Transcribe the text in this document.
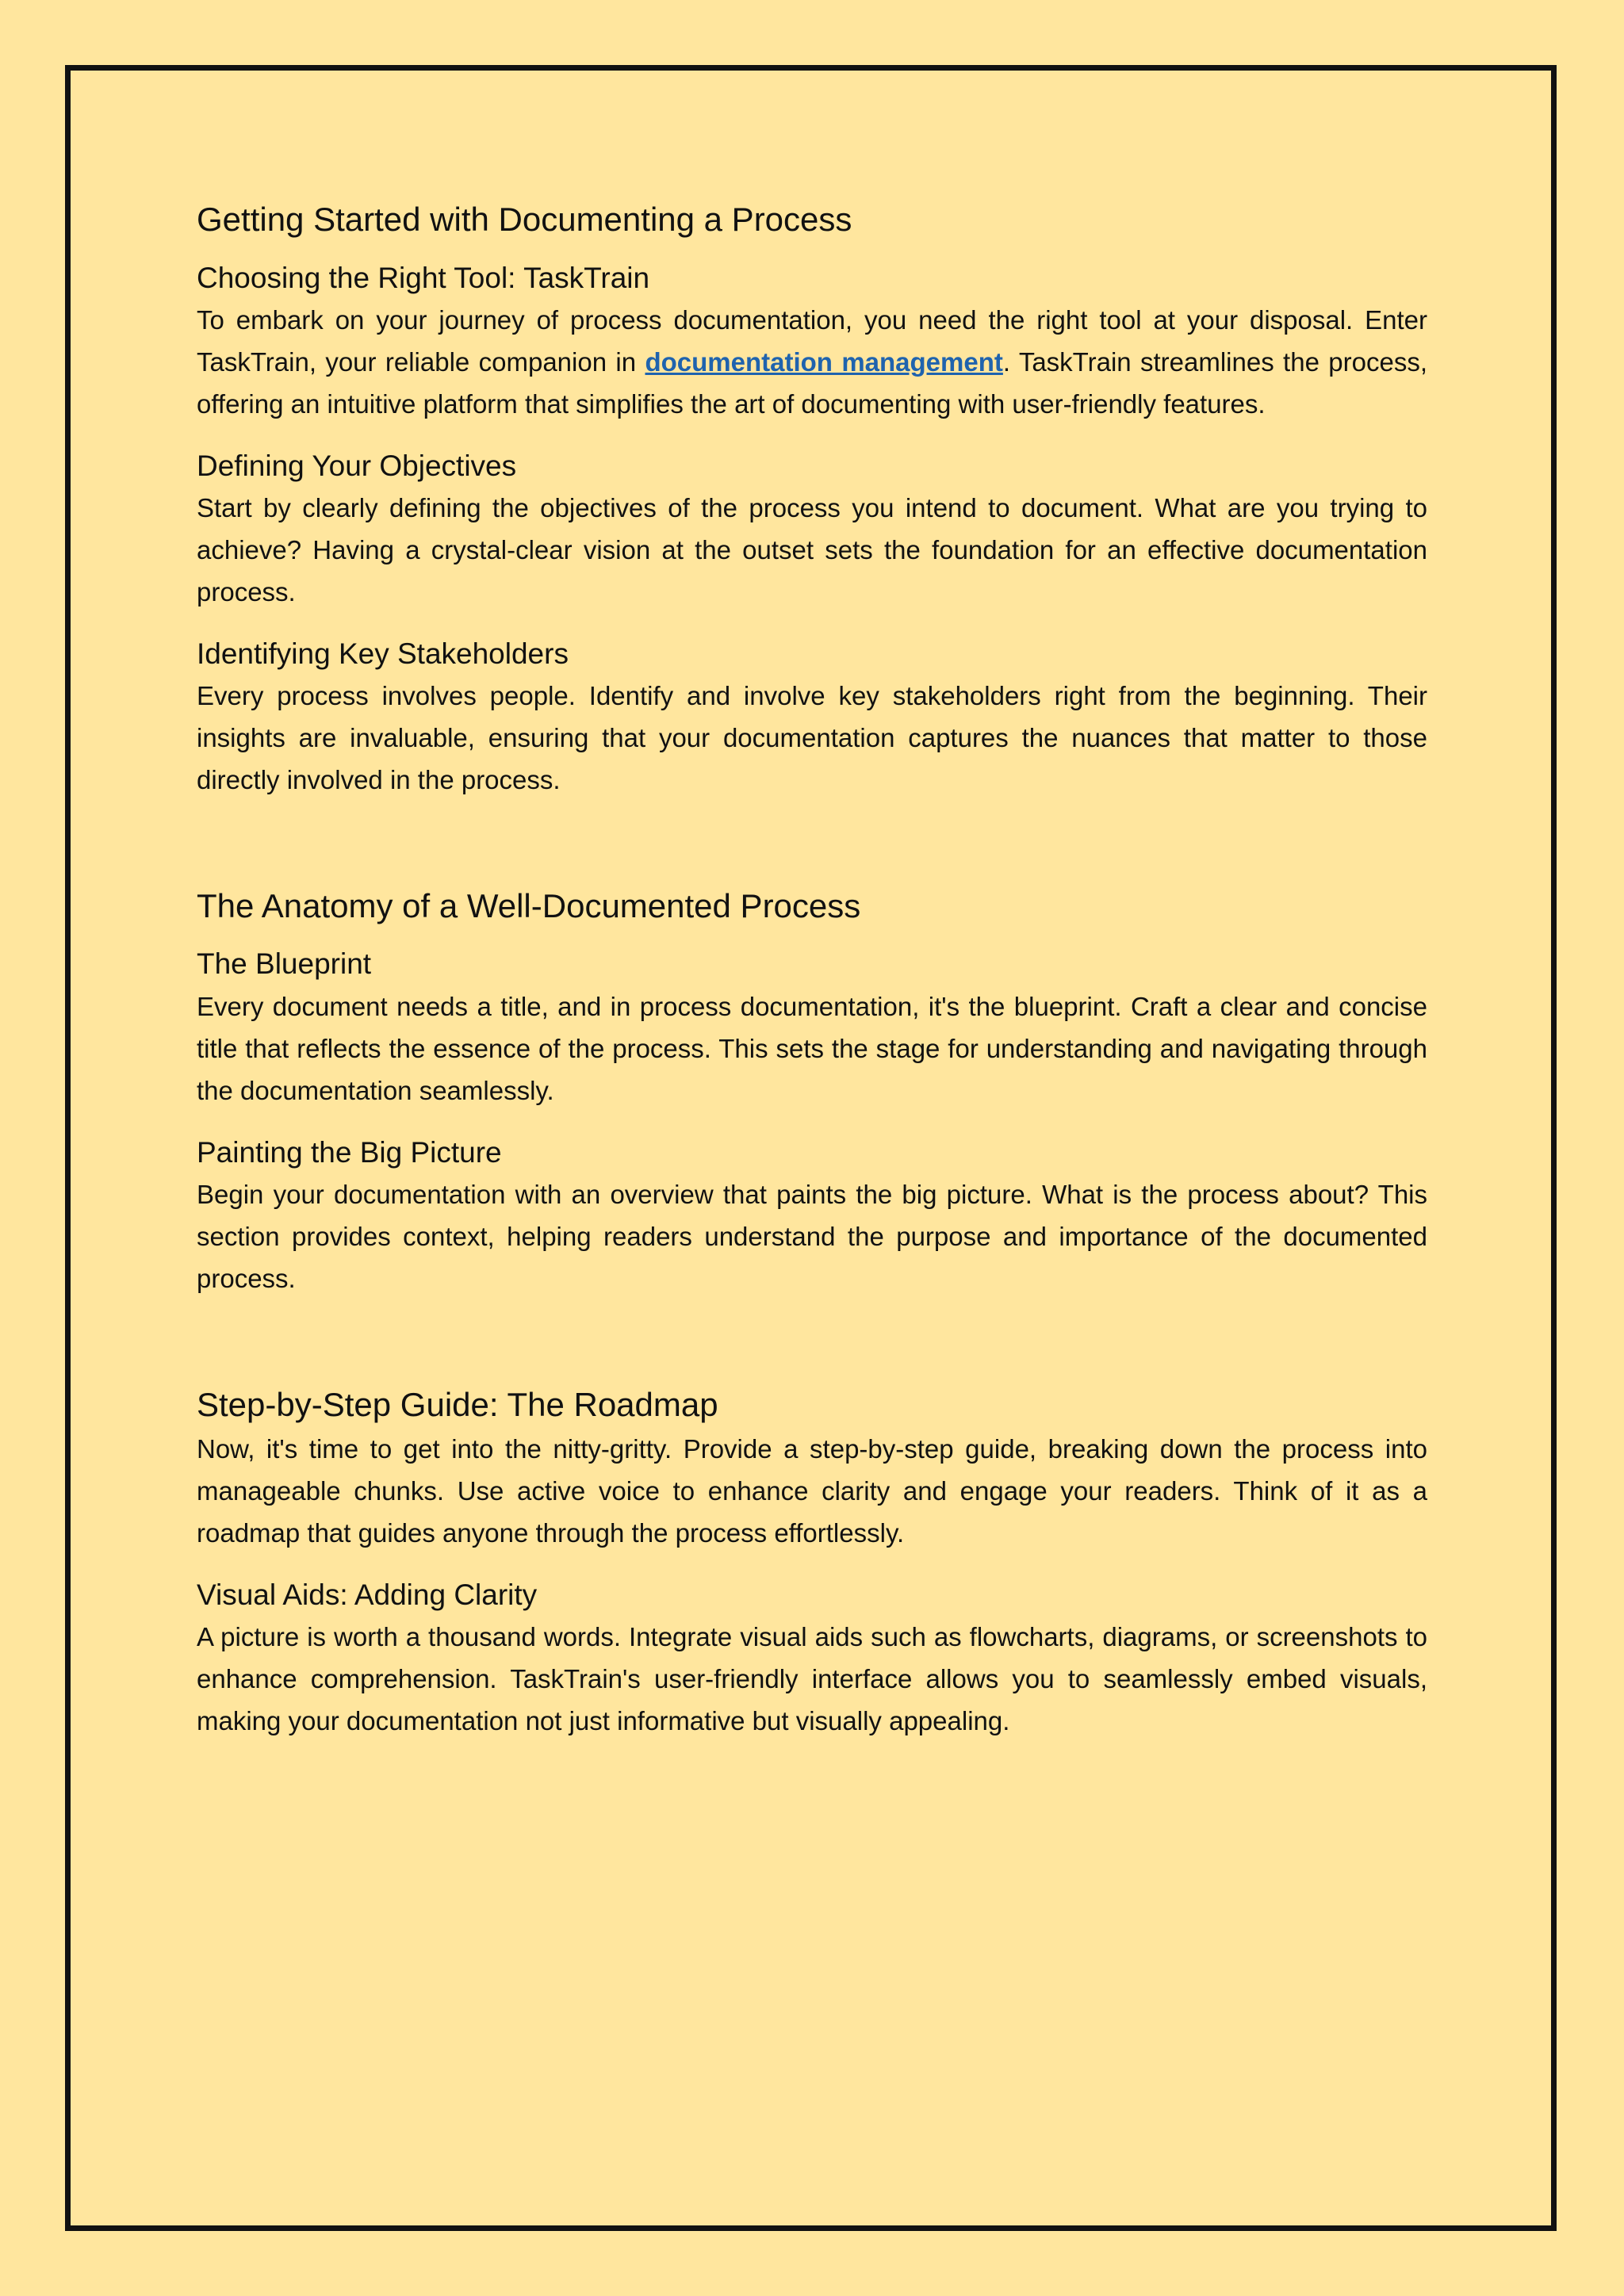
Getting Started with Documenting a Process
Choosing the Right Tool: TaskTrain

To embark on your journey of process documentation, you need the right tool at your disposal. Enter TaskTrain, your reliable companion in documentation management. TaskTrain streamlines the process, offering an intuitive platform that simplifies the art of documenting with user-friendly features.

Defining Your Objectives

Start by clearly defining the objectives of the process you intend to document. What are you trying to achieve? Having a crystal-clear vision at the outset sets the foundation for an effective documentation process.

Identifying Key Stakeholders

Every process involves people. Identify and involve key stakeholders right from the beginning. Their insights are invaluable, ensuring that your documentation captures the nuances that matter to those directly involved in the process.

The Anatomy of a Well-Documented Process
The Blueprint

Every document needs a title, and in process documentation, it's the blueprint. Craft a clear and concise title that reflects the essence of the process. This sets the stage for understanding and navigating through the documentation seamlessly.

Painting the Big Picture

Begin your documentation with an overview that paints the big picture. What is the process about? This section provides context, helping readers understand the purpose and importance of the documented process.

Step-by-Step Guide: The Roadmap

Now, it's time to get into the nitty-gritty. Provide a step-by-step guide, breaking down the process into manageable chunks. Use active voice to enhance clarity and engage your readers. Think of it as a roadmap that guides anyone through the process effortlessly.

Visual Aids: Adding Clarity

A picture is worth a thousand words. Integrate visual aids such as flowcharts, diagrams, or screenshots to enhance comprehension. TaskTrain's user-friendly interface allows you to seamlessly embed visuals, making your documentation not just informative but visually appealing.
